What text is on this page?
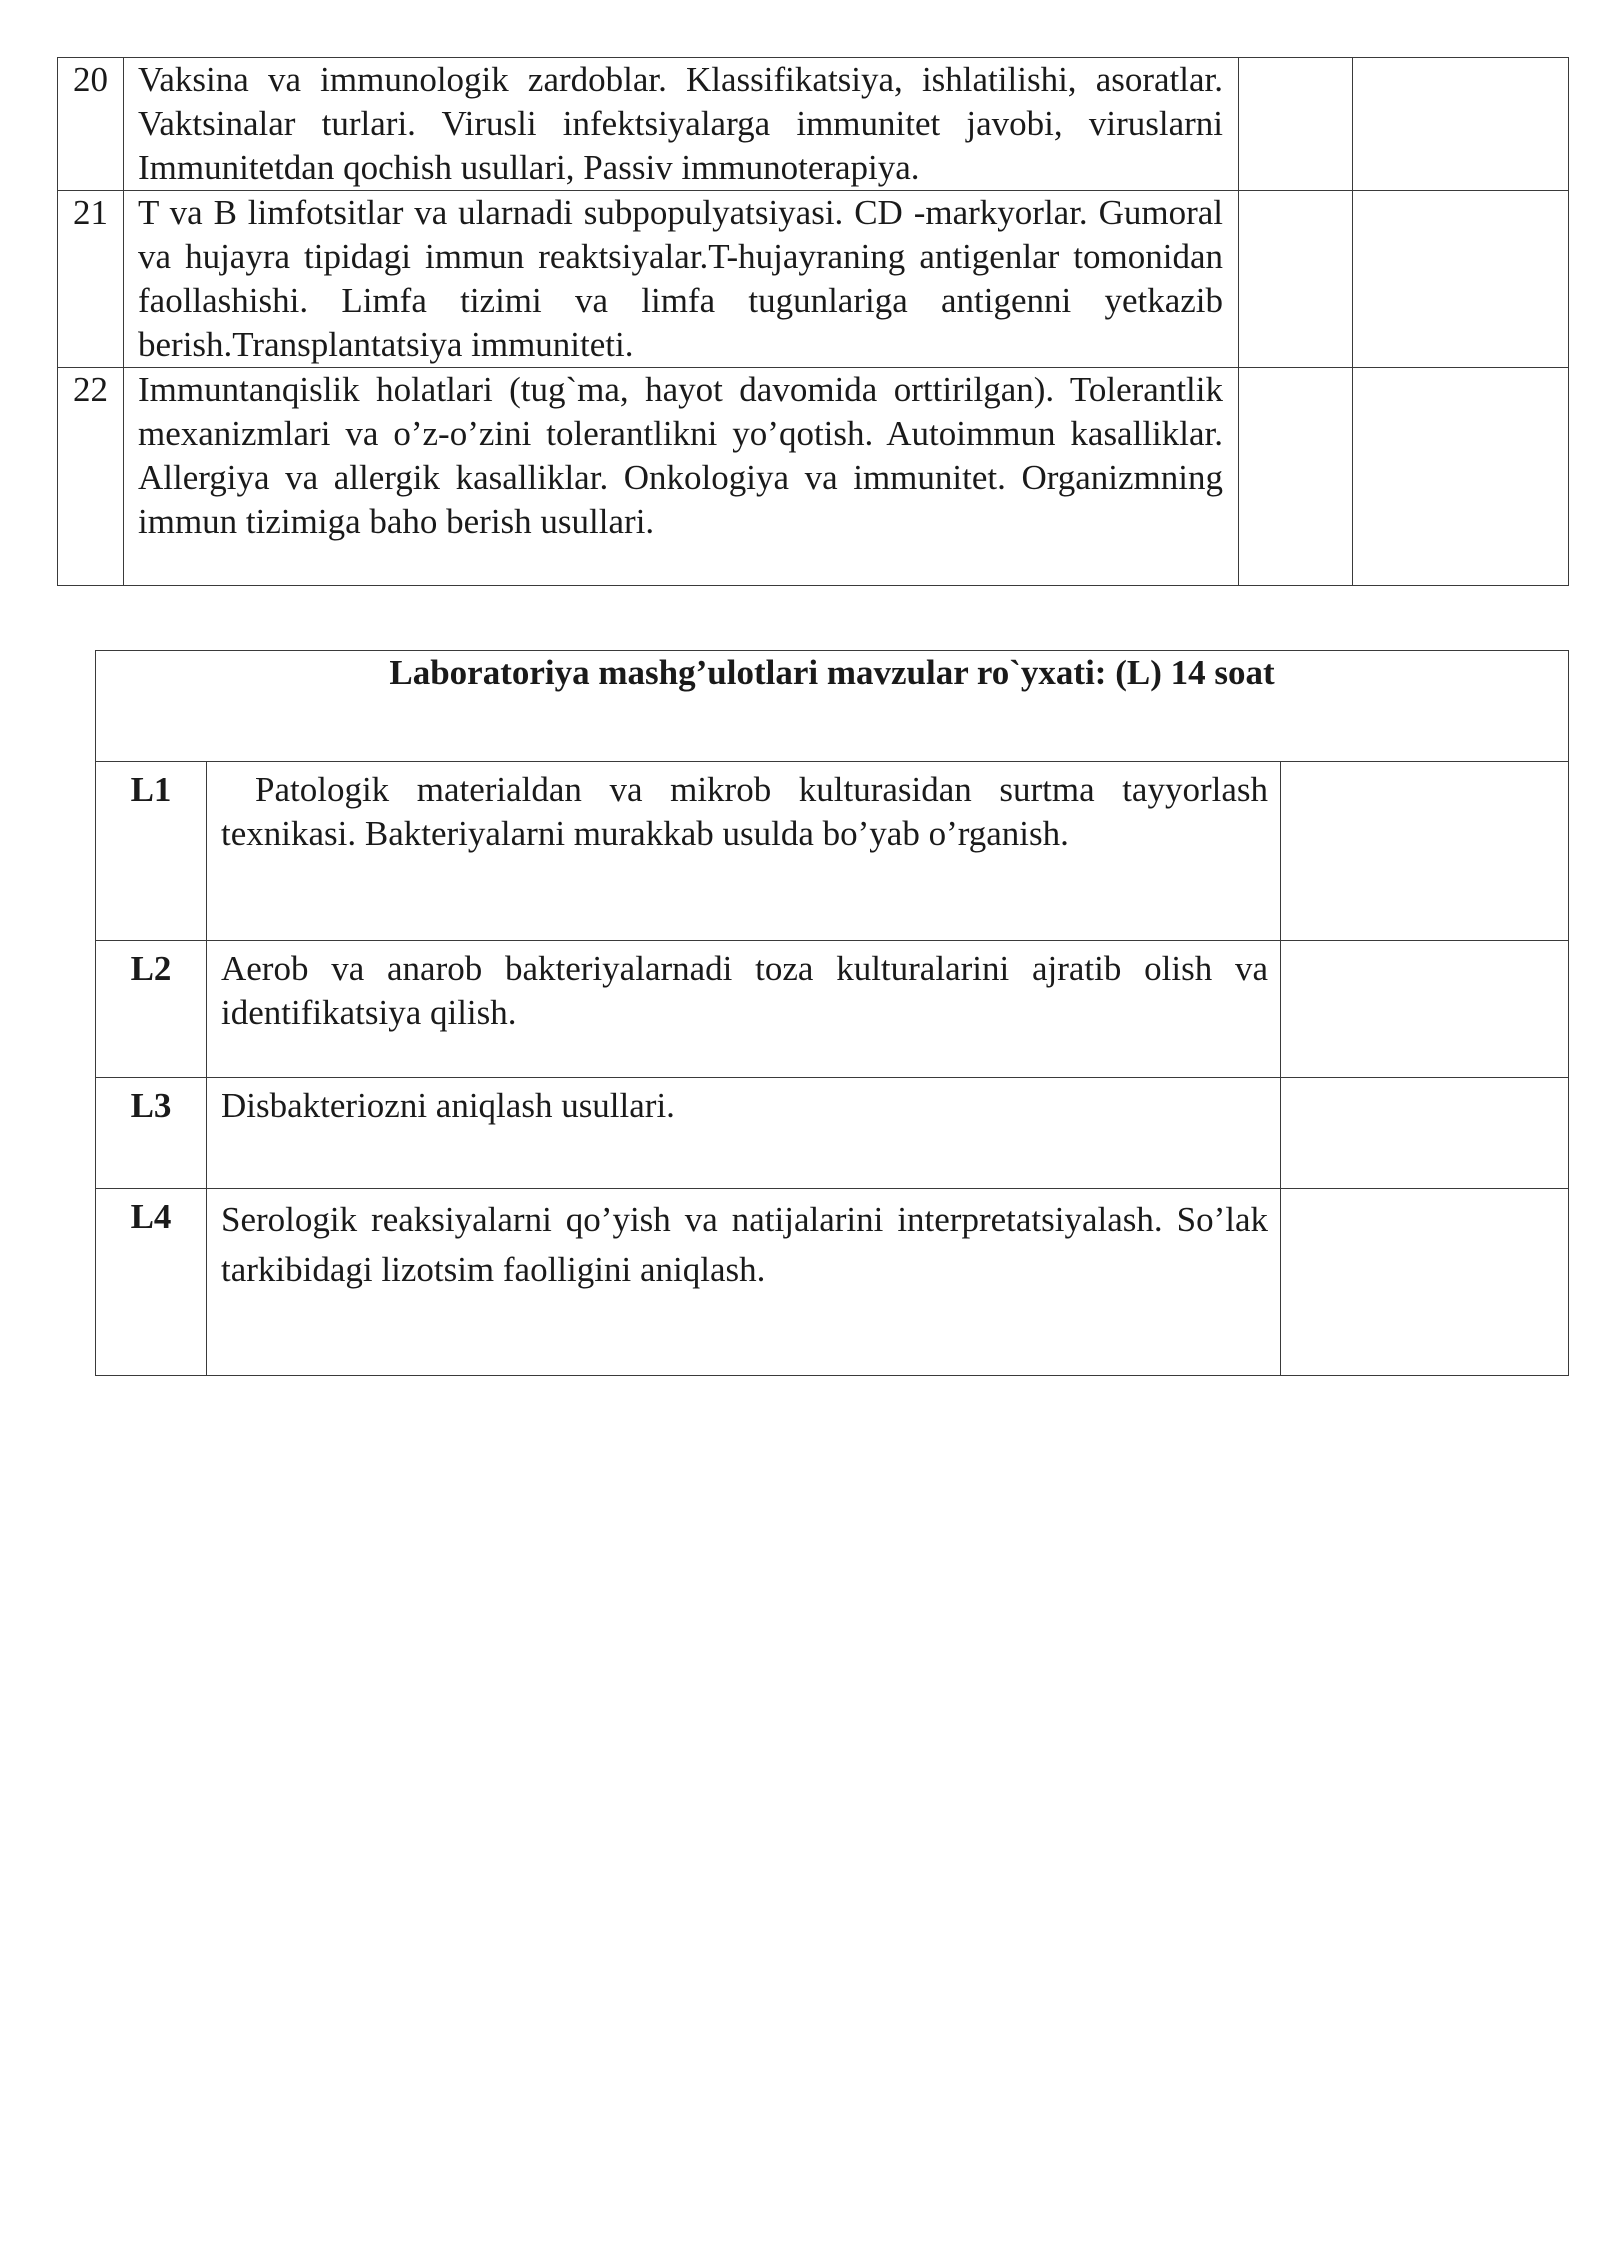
20	Vaksina va immunologik zardoblar. Klassifikatsiya, ishlatilishi, asoratlar. Vaktsinalar turlari. Virusli infektsiyalarga immunitet javobi, viruslarni Immunitetdan qochish usullari, Passiv immunoterapiya.		
21	T va B limfotsitlar va ularnadi subpopulyatsiyasi. CD -markyorlar. Gumoral va hujayra tipidagi immun reaktsiyalar.T-hujayraning antigenlar tomonidan faollashishi. Limfa tizimi va limfa tugunlariga antigenni yetkazib berish.Transplantatsiya immuniteti.		
22	Immuntanqislik holatlari (tug`ma, hayot davomida orttirilgan). Tolerantlik mexanizmlari va o’z-o’zini tolerantlikni yo’qotish. Autoimmun kasalliklar. Allergiya va allergik kasalliklar. Onkologiya va immunitet. Organizmning immun tizimiga baho berish usullari.		
Laboratoriya mashg’ulotlari mavzular ro`yxati: (L) 14 soat		
L1	Patologik materialdan va mikrob kulturasidan surtma tayyorlash texnikasi. Bakteriyalarni murakkab usulda bo’yab o’rganish.	
L2	Aerob va anarob bakteriyalarnadi toza kulturalarini ajratib olish va identifikatsiya qilish.	
L3	Disbakteriozni aniqlash usullari.	
L4	Serologik reaksiyalarni qo’yish va natijalarini interpretatsiyalash. So’lak tarkibidagi lizotsim faolligini aniqlash.	
